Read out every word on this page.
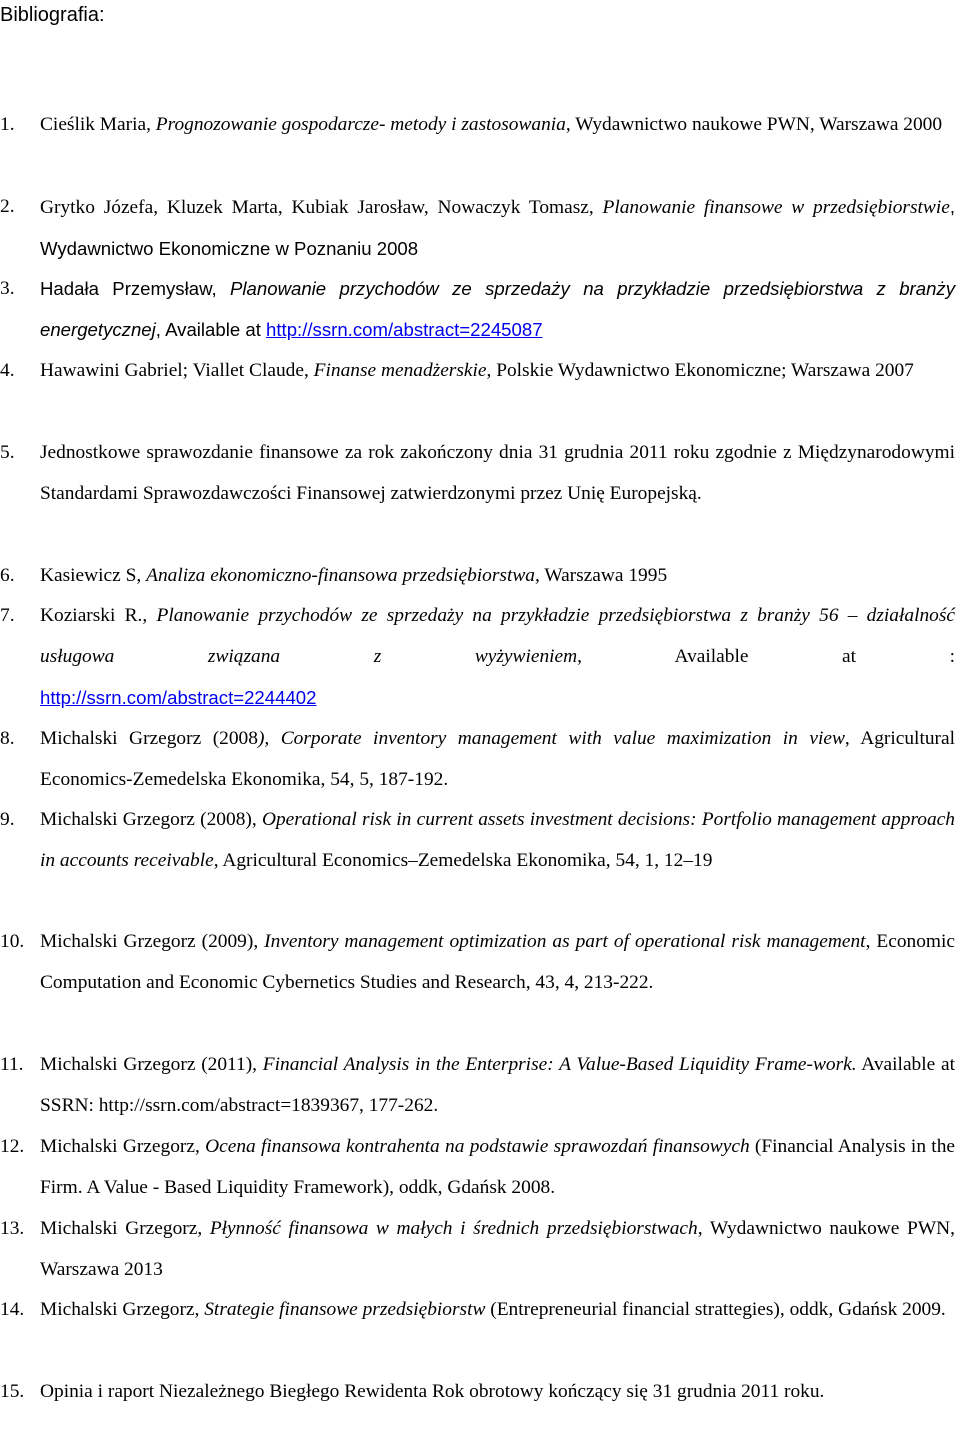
Bibliografia:
1.	Cieślik Maria, Prognozowanie gospodarcze- metody i zastosowania, Wydawnictwo naukowe PWN, Warszawa 2000
2.	Grytko Józefa, Kluzek Marta, Kubiak Jarosław, Nowaczyk Tomasz, Planowanie finansowe w przedsiębiorstwie, Wydawnictwo Ekonomiczne w Poznaniu 2008
3.	Hadała Przemysław, Planowanie przychodów ze sprzedaży na przykładzie przedsiębiorstwa z branży energetycznej, Available at http://ssrn.com/abstract=2245087
4.	Hawawini Gabriel; Viallet Claude, Finanse menadżerskie, Polskie Wydawnictwo Ekonomiczne; Warszawa 2007
5.	Jednostkowe sprawozdanie finansowe za rok zakończony dnia 31 grudnia 2011 roku zgodnie z Międzynarodowymi Standardami Sprawozdawczości Finansowej zatwierdzonymi przez Unię Europejską.
6.	Kasiewicz S, Analiza ekonomiczno-finansowa przedsiębiorstwa, Warszawa 1995
7.	Koziarski R., Planowanie przychodów ze sprzedaży na przykładzie przedsiębiorstwa z branży 56 – działalność usługowa związana z wyżywieniem, Available at :
http://ssrn.com/abstract=2244402
8.	Michalski Grzegorz (2008), Corporate inventory management with value maximization in view, Agricultural Economics-Zemedelska Ekonomika, 54, 5, 187-192.
9.	Michalski Grzegorz (2008), Operational risk in current assets investment decisions: Portfolio management approach in accounts receivable, Agricultural Economics–Zemedelska Ekonomika, 54, 1, 12–19
10. Michalski Grzegorz (2009), Inventory management optimization as part of operational risk management, Economic Computation and Economic Cybernetics Studies and Research, 43, 4, 213-222.
11. Michalski Grzegorz (2011), Financial Analysis in the Enterprise: A Value-Based Liquidity Frame-work. Available at SSRN: http://ssrn.com/abstract=1839367, 177-262.
12. Michalski Grzegorz, Ocena finansowa kontrahenta na podstawie sprawozdań finansowych (Financial Analysis in the Firm. A Value - Based Liquidity Framework), oddk, Gdańsk 2008.
13. Michalski Grzegorz, Płynność finansowa w małych i średnich przedsiębiorstwach, Wydawnictwo naukowe PWN, Warszawa 2013
14. Michalski Grzegorz, Strategie finansowe przedsiębiorstw (Entrepreneurial financial strattegies), oddk, Gdańsk 2009.
15. Opinia i raport Niezależnego Biegłego Rewidenta Rok obrotowy kończący się 31 grudnia 2011 roku.
